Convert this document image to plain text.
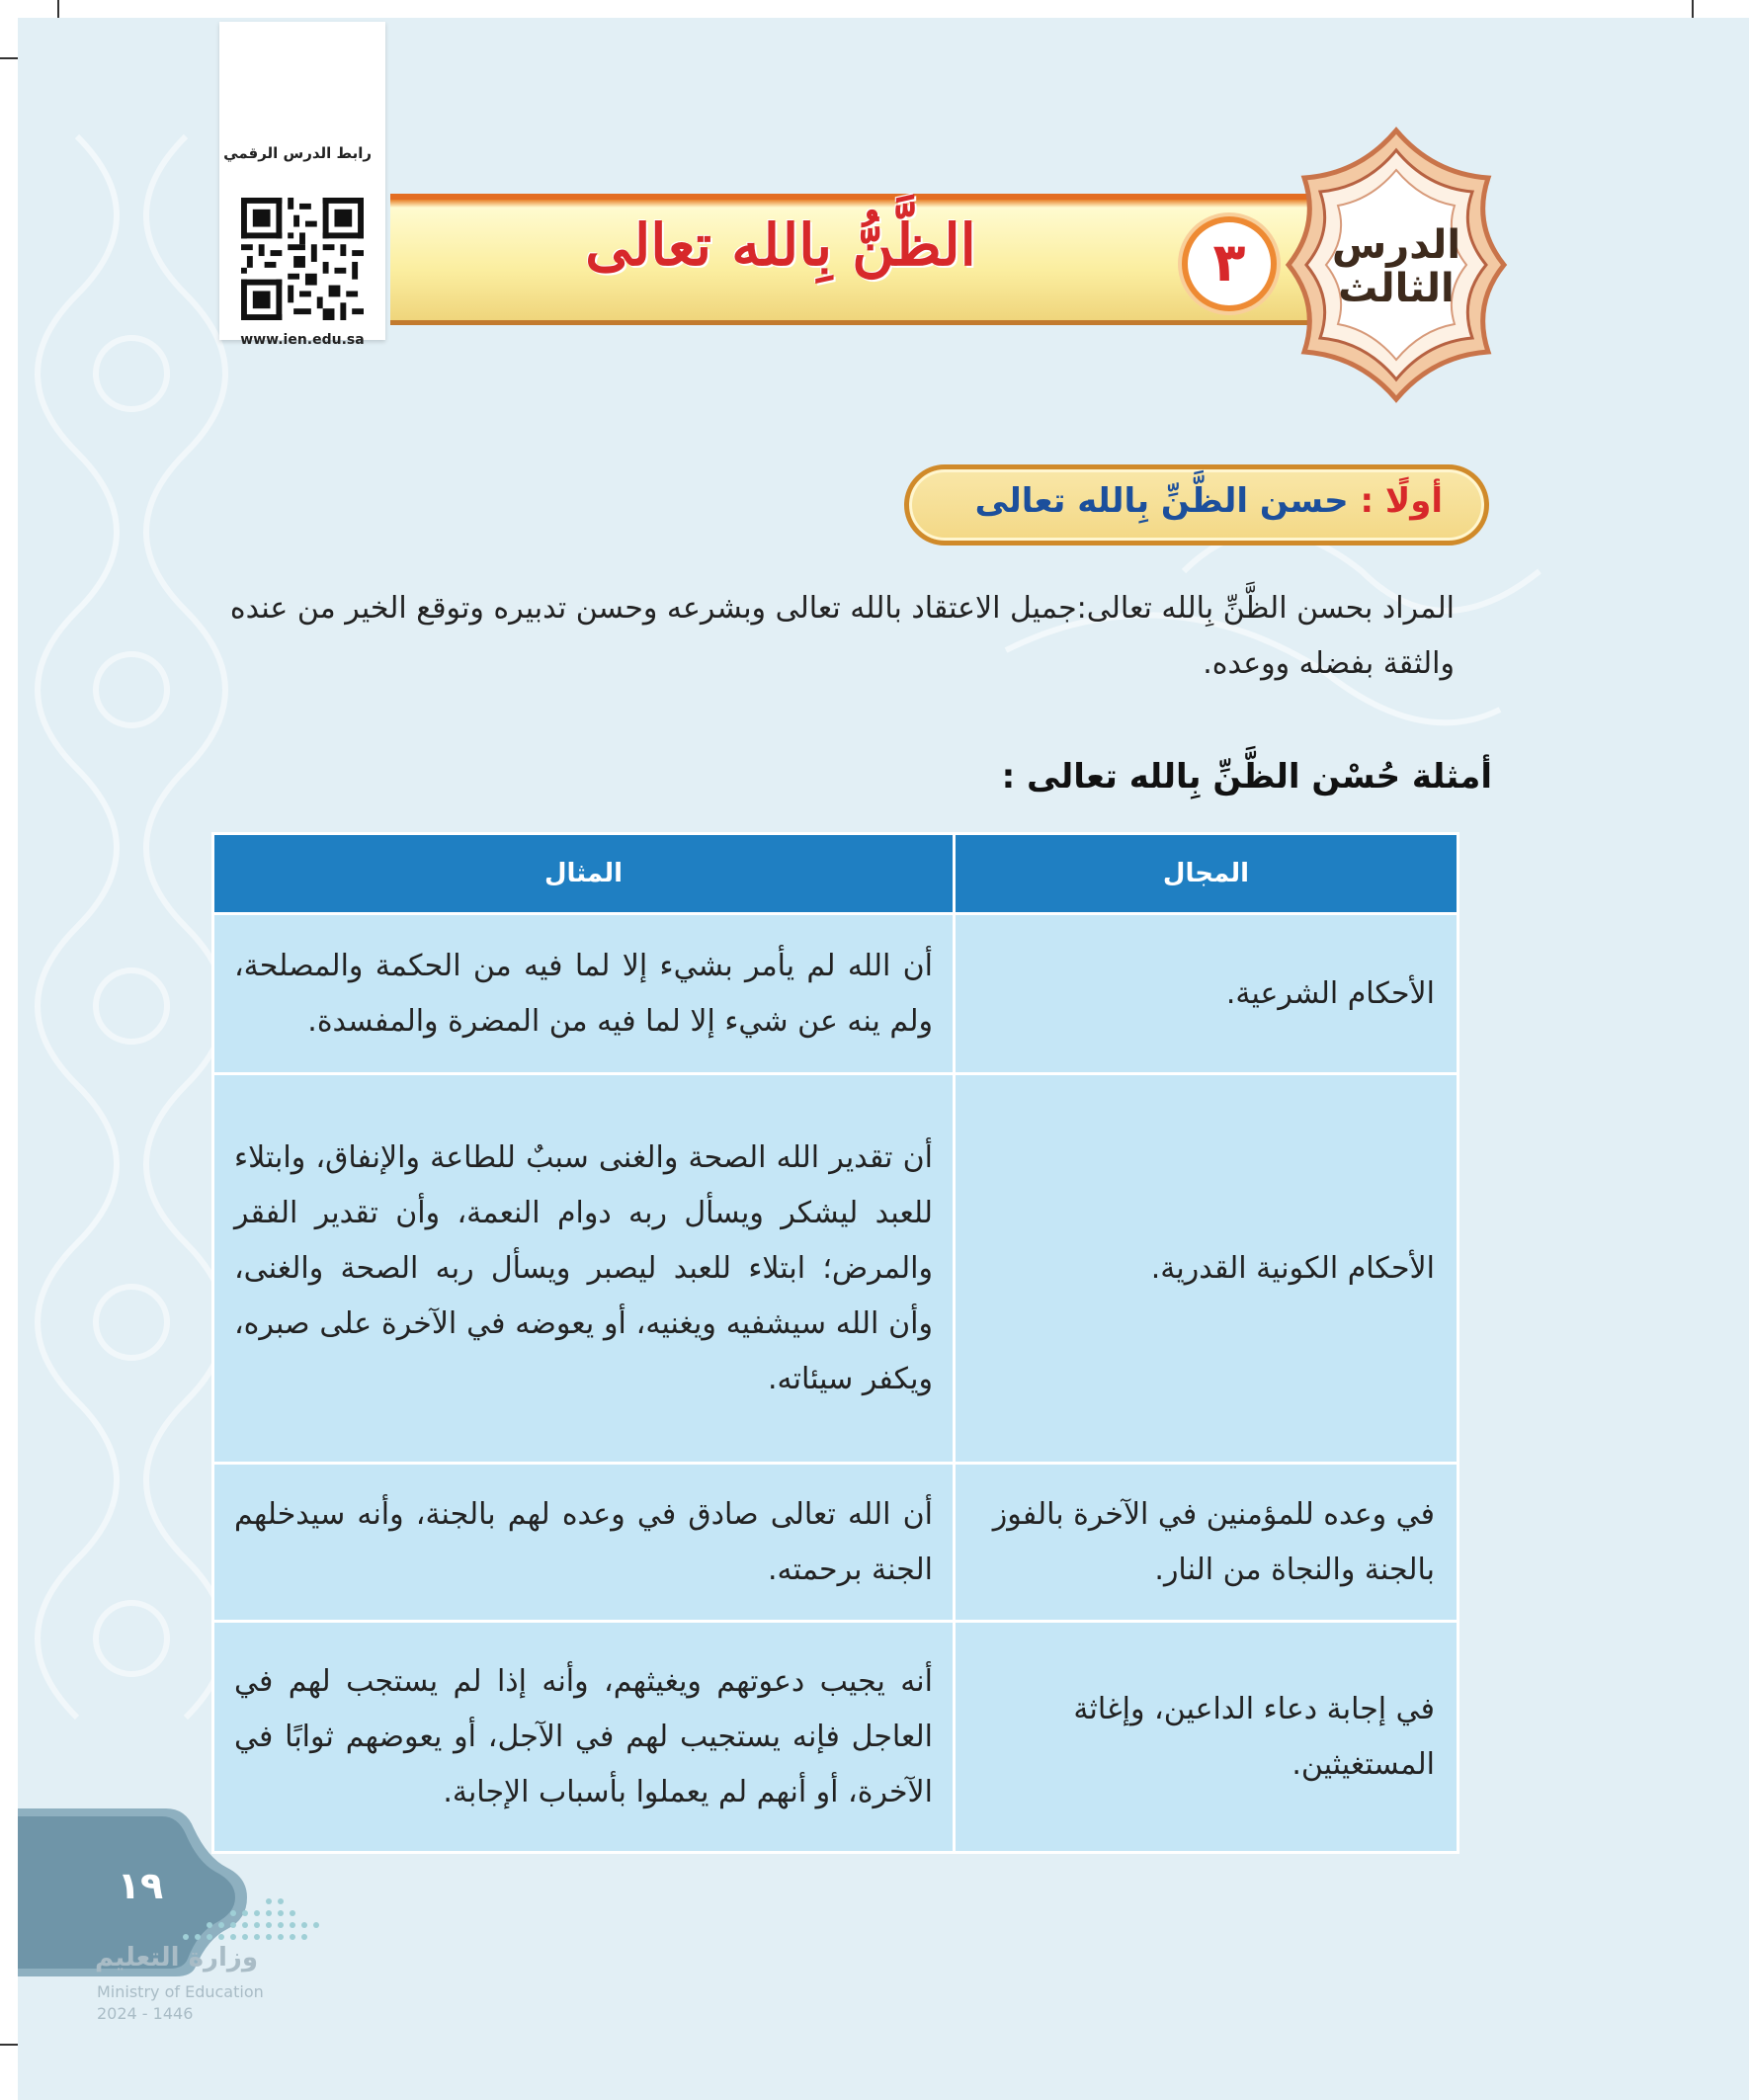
رابط الدرس الرقمي
www.ien.edu.sa
الظَّنُّ بِالله تعالى	٣	الدرس
الثالث
أولًا : حسن الظَّنِّ بِالله تعالى
المراد بحسن الظَّنِّ بِالله تعالى:جميل الاعتقاد بالله تعالى وبشرعه وحسن تدبيره وتوقع الخير من عنده والثقة بفضله ووعده.
أمثلة حُسْن الظَّنِّ بِالله تعالى :
المجال	المثال
الأحكام الشرعية.	أن الله لم يأمر بشيء إلا لما فيه من الحكمة والمصلحة، ولم ينه عن شيء إلا لما فيه من المضرة والمفسدة.
الأحكام الكونية القدرية.	أن تقدير الله الصحة والغنى سببٌ للطاعة والإنفاق، وابتلاء للعبد ليشكر ويسأل ربه دوام النعمة، وأن تقدير الفقر والمرض؛ ابتلاء للعبد ليصبر ويسأل ربه الصحة والغنى، وأن الله سيشفيه ويغنيه، أو يعوضه في الآخرة على صبره، ويكفر سيئاته.
في وعده للمؤمنين في الآخرة بالفوز بالجنة والنجاة من النار.	أن الله تعالى صادق في وعده لهم بالجنة، وأنه سيدخلهم الجنة برحمته.
في إجابة دعاء الداعين، وإغاثة المستغيثين.	أنه يجيب دعوتهم ويغيثهم، وأنه إذا لم يستجب لهم في العاجل فإنه يستجيب لهم في الآجل، أو يعوضهم ثوابًا في الآخرة، أو أنهم لم يعملوا بأسباب الإجابة.
١٩
وزارة التعليم
Ministry of Education
2024 - 1446
